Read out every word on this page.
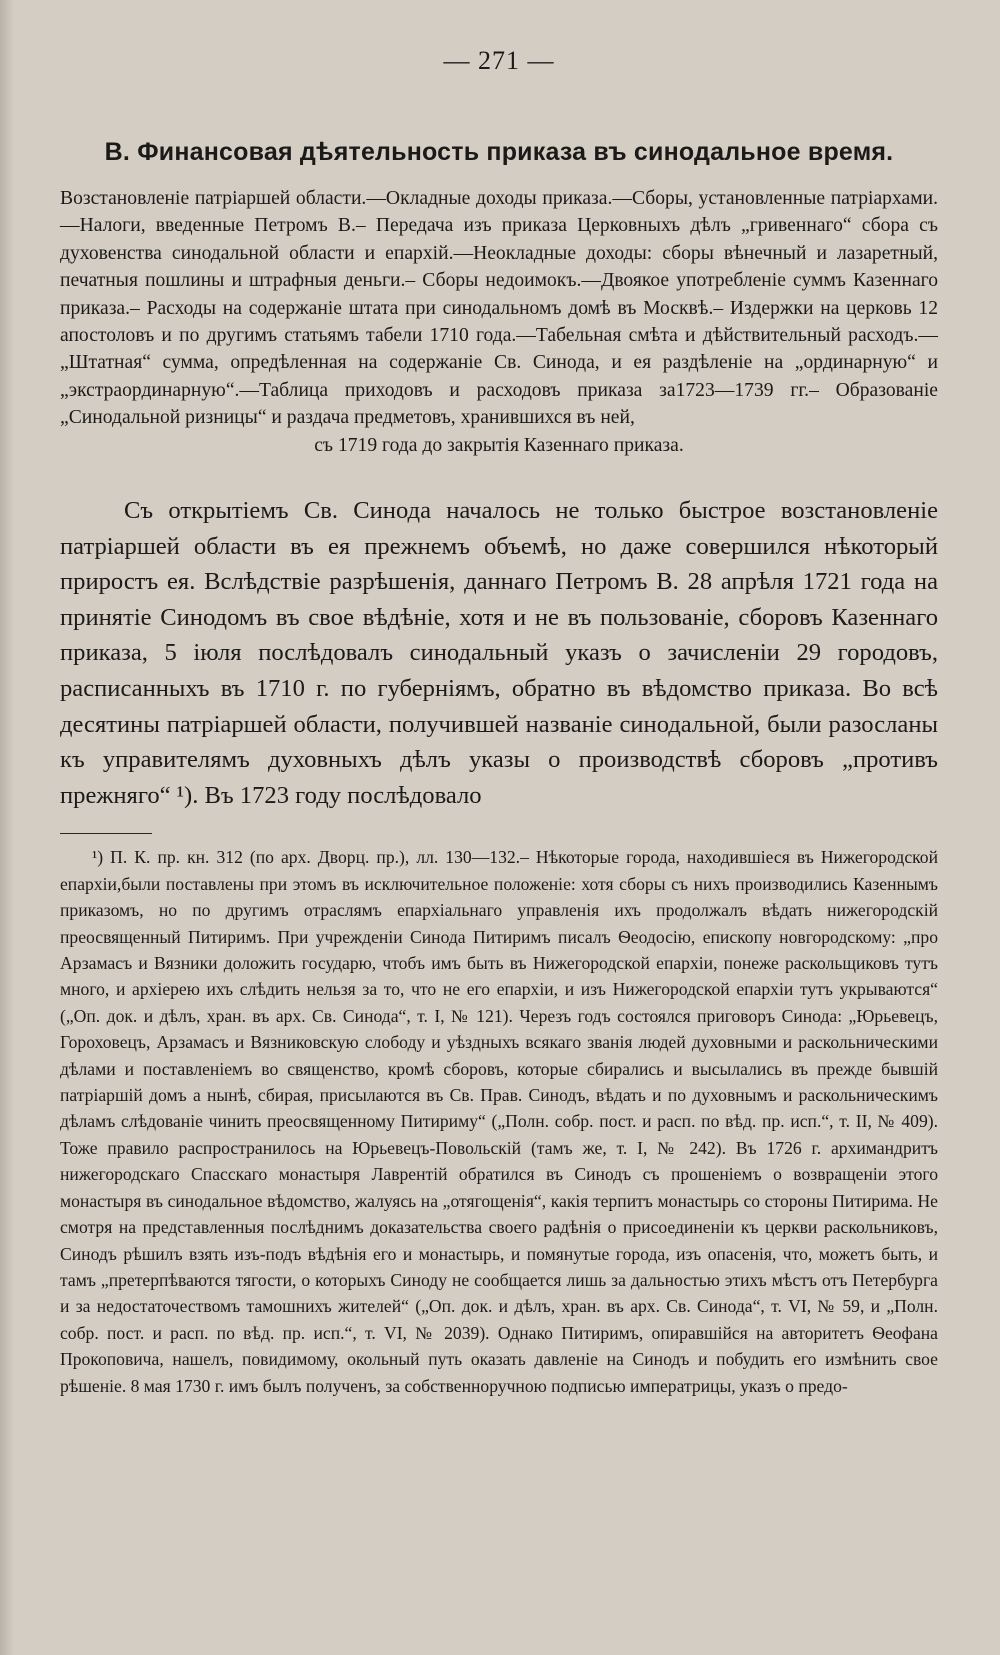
— 271 —
В. Финансовая дѣятельность приказа въ синодальное время.

Возстановленіе патріаршей области.—Окладные доходы приказа.—Сборы, установленные патріархами.—Налоги, введенные Петромъ В.– Передача изъ приказа Церковныхъ дѣлъ „гривеннаго“ сбора съ духовенства синодальной области и епархій.—Неокладные доходы: сборы вѣнечный и лазаретный, печатныя пошлины и штрафныя деньги.– Сборы недоимокъ.—Двоякое употребленіе суммъ Казеннаго приказа.– Расходы на содержаніе штата при синодальномъ домѣ въ Москвѣ.– Издержки на церковь 12 апостоловъ и по другимъ статьямъ табели 1710 года.—Табельная смѣта и дѣйствительный расходъ.— „Штатная“ сумма, опредѣленная на содержаніе Св. Синода, и ея раздѣленіе на „ординарную“ и „экстраординарную“.—Таблица приходовъ и расходовъ приказа за1723—1739 гг.– Образованіе „Синодальной ризницы“ и раздача предметовъ, хранившихся въ ней,

съ 1719 года до закрытія Казеннаго приказа.

Съ открытіемъ Св. Синода началось не только быстрое возстановленіе патріаршей области въ ея прежнемъ объемѣ, но даже совершился нѣкоторый приростъ ея. Вслѣдствіе разрѣшенія, даннаго Петромъ В. 28 апрѣля 1721 года на принятіе Синодомъ въ свое вѣдѣніе, хотя и не въ пользованіе, сборовъ Казеннаго приказа, 5 іюля послѣдовалъ синодальный указъ о зачисленіи 29 городовъ, расписанныхъ въ 1710 г. по губерніямъ, обратно въ вѣдомство приказа. Во всѣ десятины патріаршей области, получившей названіе синодальной, были разосланы къ управителямъ духовныхъ дѣлъ указы о производствѣ сборовъ „противъ прежняго“ ¹). Въ 1723 году послѣдовало

¹) П. К. пр. кн. 312 (по арх. Дворц. пр.), лл. 130—132.– Нѣкоторые города, находившіеся въ Нижегородской епархіи,были поставлены при этомъ въ исключительное положеніе: хотя сборы съ нихъ производились Казеннымъ приказомъ, но по другимъ отраслямъ епархіальнаго управленія ихъ продолжалъ вѣдать нижегородскій преосвященный Питиримъ. При учрежденіи Синода Питиримъ писалъ Ѳеодосію, епископу новгородскому: „про Арзамасъ и Вязники доложить государю, чтобъ имъ быть въ Нижегородской епархіи, понеже раскольщиковъ тутъ много, и архіерею ихъ слѣдить нельзя за то, что не его епархіи, и изъ Нижегородской епархіи тутъ укрываются“ („Оп. док. и дѣлъ, хран. въ арх. Св. Синода“, т. I, № 121). Черезъ годъ состоялся приговоръ Синода: „Юрьевецъ, Гороховецъ, Арзамасъ и Вязниковскую слободу и уѣздныхъ всякаго званія людей духовными и раскольническими дѣлами и поставленіемъ во священство, кромѣ сборовъ, которые сбирались и высылались въ прежде бывшій патріаршій домъ а нынѣ, сбирая, присылаются въ Св. Прав. Синодъ, вѣдать и по духовнымъ и раскольническимъ дѣламъ слѣдованіе чинить преосвященному Питириму“ („Полн. собр. пост. и расп. по вѣд. пр. исп.“, т. II, № 409). Тоже правило распространилось на Юрьевецъ-Повольскій (тамъ же, т. I, № 242). Въ 1726 г. архимандритъ нижегородскаго Спасскаго монастыря Лаврентій обратился въ Синодъ съ прошеніемъ о возвращеніи этого монастыря въ синодальное вѣдомство, жалуясь на „отягощенія“, какія терпитъ монастырь со стороны Питирима. Не смотря на представленныя послѣднимъ доказательства своего радѣнія о присоединеніи къ церкви раскольниковъ, Синодъ рѣшилъ взять изъ-подъ вѣдѣнія его и монастырь, и помянутые города, изъ опасенія, что, можетъ быть, и тамъ „претерпѣваются тягости, о которыхъ Синоду не сообщается лишь за дальностью этихъ мѣстъ отъ Петербурга и за недостаточествомъ тамошнихъ жителей“ („Оп. док. и дѣлъ, хран. въ арх. Св. Синода“, т. VI, № 59, и „Полн. собр. пост. и расп. по вѣд. пр. исп.“, т. VI, № 2039). Однако Питиримъ, опиравшійся на авторитетъ Ѳеофана Прокоповича, нашелъ, повидимому, окольный путь оказать давленіе на Синодъ и побудить его измѣнить свое рѣшеніе. 8 мая 1730 г. имъ былъ полученъ, за собственноручною подписью императрицы, указъ о предо-
